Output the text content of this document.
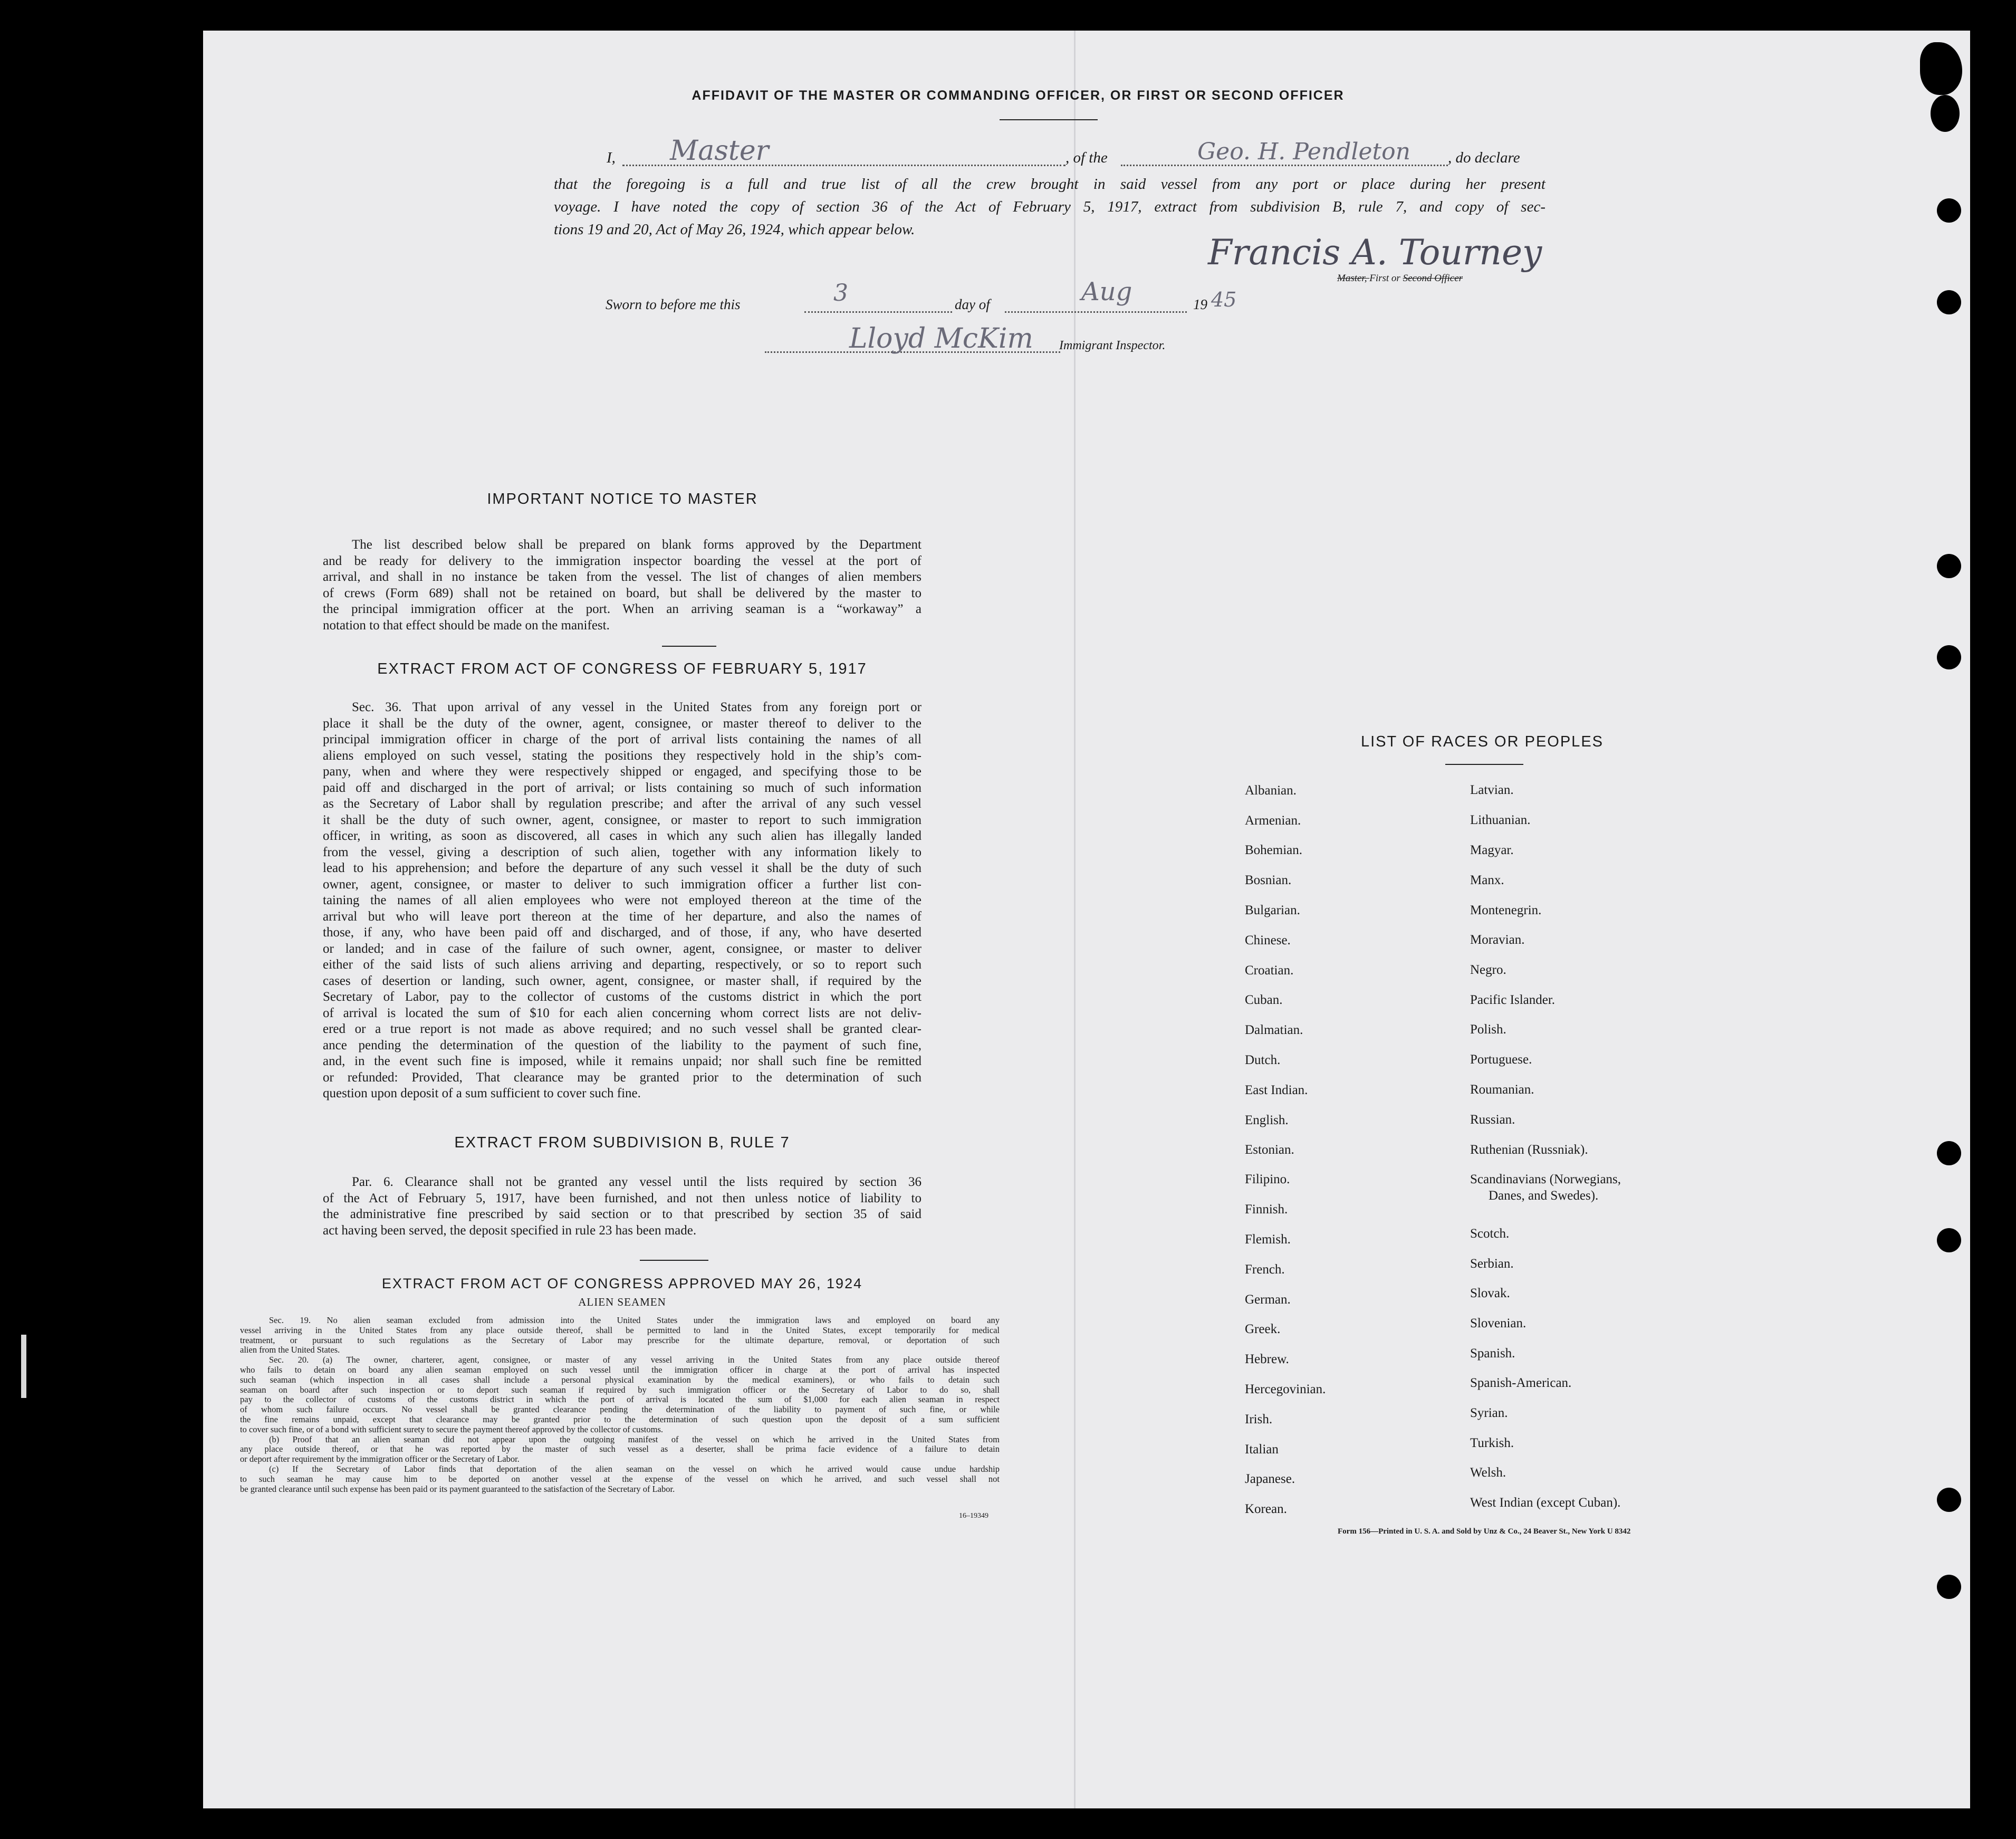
AFFIDAVIT OF THE MASTER OR COMMANDING OFFICER, OR FIRST OR SECOND OFFICER
I, Master	, of the	Geo. H. Pendleton , do declare
that the foregoing is a full and true list of all the crew brought in said vessel from any port or place during her present
voyage. I have noted the copy of section 36 of the Act of February 5, 1917, extract from subdivision B, rule 7, and copy of sec-
tions 19 and 20, Act of May 26, 1924, which appear below.
Francis A. Tourney
Master, First or Second Officer
Sworn to before me this	3	day of	Aug	19 45
Lloyd McKim Immigrant Inspector.
IMPORTANT NOTICE TO MASTER
The list described below shall be prepared on blank forms approved by the Department
and be ready for delivery to the immigration inspector boarding the vessel at the port of
arrival, and shall in no instance be taken from the vessel. The list of changes of alien members
of crews (Form 689) shall not be retained on board, but shall be delivered by the master to
the principal immigration officer at the port. When an arriving seaman is a “workaway” a
notation to that effect should be made on the manifest.
EXTRACT FROM ACT OF CONGRESS OF FEBRUARY 5, 1917
Sec. 36. That upon arrival of any vessel in the United States from any foreign port or
place it shall be the duty of the owner, agent, consignee, or master thereof to deliver to the
principal immigration officer in charge of the port of arrival lists containing the names of all
aliens employed on such vessel, stating the positions they respectively hold in the ship’s com-
pany, when and where they were respectively shipped or engaged, and specifying those to be
paid off and discharged in the port of arrival; or lists containing so much of such information
as the Secretary of Labor shall by regulation prescribe; and after the arrival of any such vessel
it shall be the duty of such owner, agent, consignee, or master to report to such immigration
officer, in writing, as soon as discovered, all cases in which any such alien has illegally landed
from the vessel, giving a description of such alien, together with any information likely to
lead to his apprehension; and before the departure of any such vessel it shall be the duty of such
owner, agent, consignee, or master to deliver to such immigration officer a further list con-
taining the names of all alien employees who were not employed thereon at the time of the
arrival but who will leave port thereon at the time of her departure, and also the names of
those, if any, who have been paid off and discharged, and of those, if any, who have deserted
or landed; and in case of the failure of such owner, agent, consignee, or master to deliver
either of the said lists of such aliens arriving and departing, respectively, or so to report such
cases of desertion or landing, such owner, agent, consignee, or master shall, if required by the
Secretary of Labor, pay to the collector of customs of the customs district in which the port
of arrival is located the sum of $10 for each alien concerning whom correct lists are not deliv-
ered or a true report is not made as above required; and no such vessel shall be granted clear-
ance pending the determination of the question of the liability to the payment of such fine,
and, in the event such fine is imposed, while it remains unpaid; nor shall such fine be remitted
or refunded: Provided, That clearance may be granted prior to the determination of such
question upon deposit of a sum sufficient to cover such fine.
EXTRACT FROM SUBDIVISION B, RULE 7
Par. 6. Clearance shall not be granted any vessel until the lists required by section 36
of the Act of February 5, 1917, have been furnished, and not then unless notice of liability to
the administrative fine prescribed by said section or to that prescribed by section 35 of said
act having been served, the deposit specified in rule 23 has been made.
EXTRACT FROM ACT OF CONGRESS APPROVED MAY 26, 1924
ALIEN SEAMEN
Sec. 19. No alien seaman excluded from admission into the United States under the immigration laws and employed on board any
vessel arriving in the United States from any place outside thereof, shall be permitted to land in the United States, except temporarily for medical
treatment, or pursuant to such regulations as the Secretary of Labor may prescribe for the ultimate departure, removal, or deportation of such
alien from the United States.
Sec. 20. (a) The owner, charterer, agent, consignee, or master of any vessel arriving in the United States from any place outside thereof
who fails to detain on board any alien seaman employed on such vessel until the immigration officer in charge at the port of arrival has inspected
such seaman (which inspection in all cases shall include a personal physical examination by the medical examiners), or who fails to detain such
seaman on board after such inspection or to deport such seaman if required by such immigration officer or the Secretary of Labor to do so, shall
pay to the collector of customs of the customs district in which the port of arrival is located the sum of $1,000 for each alien seaman in respect
of whom such failure occurs. No vessel shall be granted clearance pending the determination of the liability to payment of such fine, or while
the fine remains unpaid, except that clearance may be granted prior to the determination of such question upon the deposit of a sum sufficient
to cover such fine, or of a bond with sufficient surety to secure the payment thereof approved by the collector of customs.
(b) Proof that an alien seaman did not appear upon the outgoing manifest of the vessel on which he arrived in the United States from
any place outside thereof, or that he was reported by the master of such vessel as a deserter, shall be prima facie evidence of a failure to detain
or deport after requirement by the immigration officer or the Secretary of Labor.
(c) If the Secretary of Labor finds that deportation of the alien seaman on the vessel on which he arrived would cause undue hardship
to such seaman he may cause him to be deported on another vessel at the expense of the vessel on which he arrived, and such vessel shall not
be granted clearance until such expense has been paid or its payment guaranteed to the satisfaction of the Secretary of Labor.
16–19349
LIST OF RACES OR PEOPLES
Albanian.
Armenian.
Bohemian.
Bosnian.
Bulgarian.
Chinese.
Croatian.
Cuban.
Dalmatian.
Dutch.
East Indian.
English.
Estonian.
Filipino.
Finnish.
Flemish.
French.
German.
Greek.
Hebrew.
Hercegovinian.
Irish.
Italian
Japanese.
Korean.
Latvian.
Lithuanian.
Magyar.
Manx.
Montenegrin.
Moravian.
Negro.
Pacific Islander.
Polish.
Portuguese.
Roumanian.
Russian.
Ruthenian (Russniak).
Scandinavians (Norwegians,
Danes, and Swedes).
Scotch.
Serbian.
Slovak.
Slovenian.
Spanish.
Spanish-American.
Syrian.
Turkish.
Welsh.
West Indian (except Cuban).
Form 156—Printed in U. S. A. and Sold by Unz & Co., 24 Beaver St., New York U 8342
